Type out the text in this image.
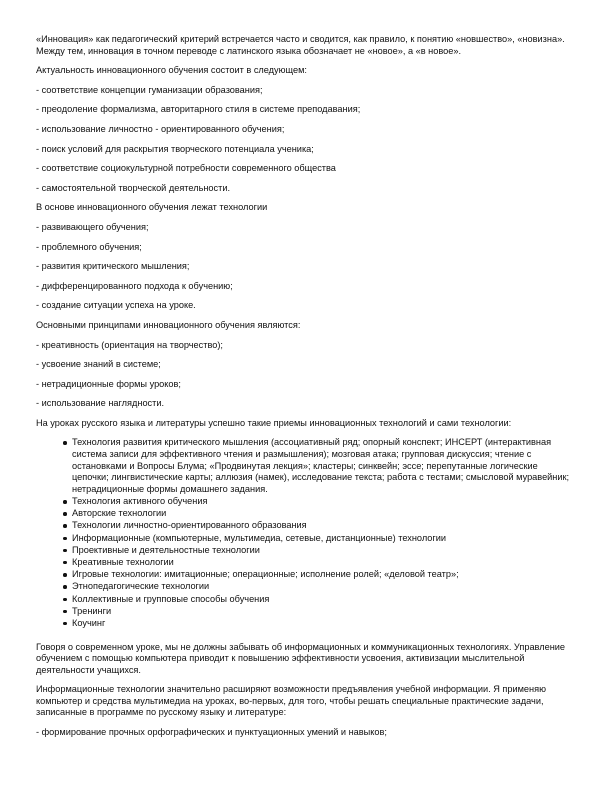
«Инновация» как педагогический критерий встречается часто и сводится, как правило, к понятию «новшество», «новизна». Между тем, инновация в точном переводе с латинского языка обозначает не «новое», а «в новое».

Актуальность инновационного обучения состоит в следующем:

- соответствие концепции гуманизации образования;

- преодоление формализма, авторитарного стиля в системе преподавания;

- использование личностно - ориентированного обучения;

- поиск условий для раскрытия творческого потенциала ученика;

- соответствие социокультурной потребности современного общества

- самостоятельной творческой деятельности.

В основе инновационного обучения лежат технологии

- развивающего обучения;

- проблемного обучения;

- развития критического мышления;

- дифференцированного подхода к обучению;

- создание ситуации успеха на уроке.

Основными принципами инновационного обучения являются:

- креативность (ориентация на творчество);

- усвоение знаний в системе;

- нетрадиционные формы уроков;

- использование наглядности.

На уроках русского языка и литературы успешно такие приемы инновационных технологий и сами технологии:

Технология развития критического мышления (ассоциативный ряд; опорный конспект; ИНСЕРТ (интерактивная система записи для эффективного чтения и размышления); мозговая атака; групповая дискуссия; чтение с остановками и Вопросы Блума; «Продвинутая лекция»; кластеры; синквейн; эссе; перепутанные логические цепочки; лингвистические карты; аллюзия (намек), исследование текста; работа с тестами; смысловой муравейник; нетрадиционные формы домашнего задания.
Технология активного обучения
Авторские технологии
Технологии личностно-ориентированного образования
Информационные (компьютерные, мультимедиа, сетевые, дистанционные) технологии
Проективные и деятельностные технологии
Креативные технологии
Игровые технологии: имитационные; операционные; исполнение ролей; «деловой театр»;
Этнопедагогические технологии
Коллективные и групповые способы обучения
Тренинги
Коучинг

Говоря о современном уроке, мы не должны забывать об информационных и коммуникационных технологиях. Управление обучением с помощью компьютера приводит к повышению эффективности усвоения, активизации мыслительной деятельности учащихся.

Информационные технологии значительно расширяют возможности предъявления учебной информации. Я применяю компьютер и средства мультимедиа на уроках, во-первых, для того, чтобы решать специальные практические задачи, записанные в программе по русскому языку и литературе:

- формирование прочных орфографических и пунктуационных умений и навыков;
